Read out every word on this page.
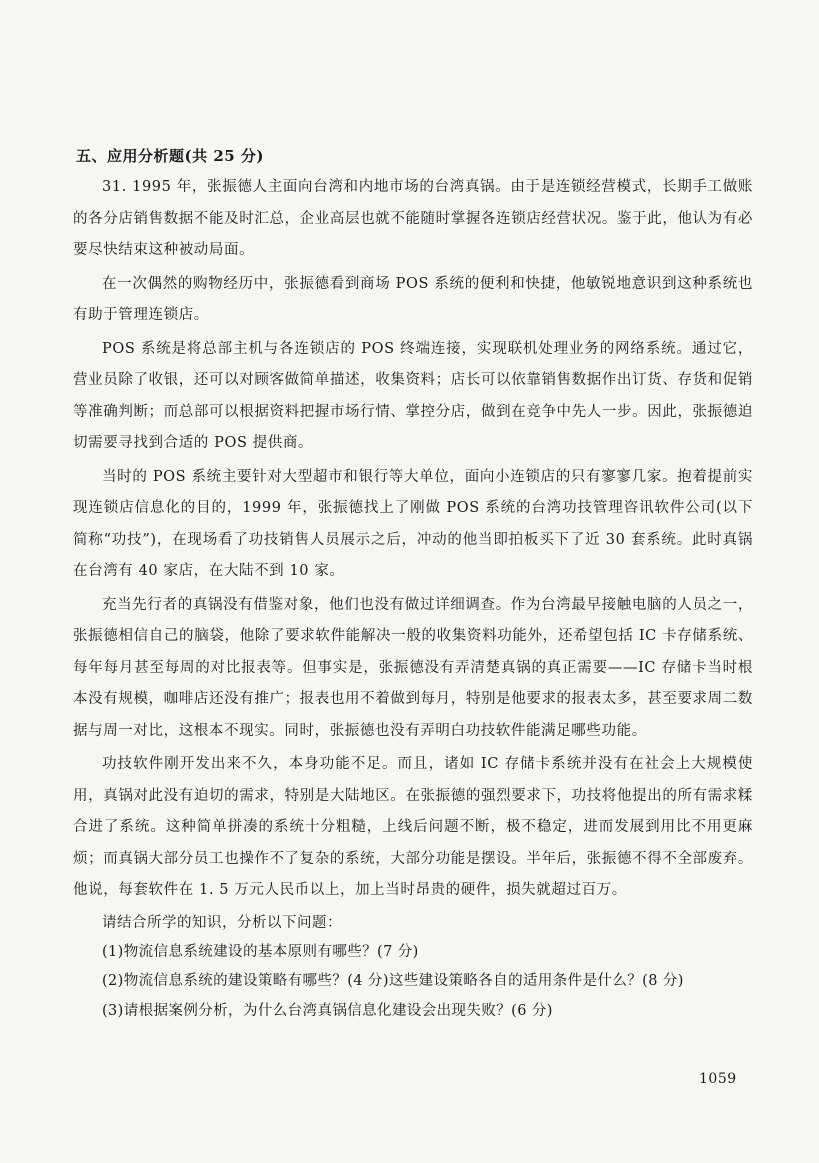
五、应用分析题(共 25 分)

31. 1995 年，张振德人主面向台湾和内地市场的台湾真锅。由于是连锁经营模式，长期手工做账的各分店销售数据不能及时汇总，企业高层也就不能随时掌握各连锁店经营状况。鉴于此，他认为有必要尽快结束这种被动局面。

在一次偶然的购物经历中，张振德看到商场 POS 系统的便利和快捷，他敏锐地意识到这种系统也有助于管理连锁店。

POS 系统是将总部主机与各连锁店的 POS 终端连接，实现联机处理业务的网络系统。通过它，营业员除了收银，还可以对顾客做简单描述，收集资料；店长可以依靠销售数据作出订货、存货和促销等准确判断；而总部可以根据资料把握市场行情、掌控分店，做到在竞争中先人一步。因此，张振德迫切需要寻找到合适的 POS 提供商。

当时的 POS 系统主要针对大型超市和银行等大单位，面向小连锁店的只有寥寥几家。抱着提前实现连锁店信息化的目的，1999 年，张振德找上了刚做 POS 系统的台湾功技管理咨讯软件公司(以下简称“功技”)，在现场看了功技销售人员展示之后，冲动的他当即拍板买下了近 30 套系统。此时真锅在台湾有 40 家店，在大陆不到 10 家。

充当先行者的真锅没有借鉴对象，他们也没有做过详细调查。作为台湾最早接触电脑的人员之一，张振德相信自己的脑袋，他除了要求软件能解决一般的收集资料功能外，还希望包括 IC 卡存储系统、每年每月甚至每周的对比报表等。但事实是，张振德没有弄清楚真锅的真正需要——IC 存储卡当时根本没有规模，咖啡店还没有推广；报表也用不着做到每月，特别是他要求的报表太多，甚至要求周二数据与周一对比，这根本不现实。同时，张振德也没有弄明白功技软件能满足哪些功能。

功技软件刚开发出来不久，本身功能不足。而且，诸如 IC 存储卡系统并没有在社会上大规模使用，真锅对此没有迫切的需求，特别是大陆地区。在张振德的强烈要求下，功技将他提出的所有需求糅合进了系统。这种简单拼凑的系统十分粗糙，上线后问题不断，极不稳定，进而发展到用比不用更麻烦；而真锅大部分员工也操作不了复杂的系统，大部分功能是摆设。半年后，张振德不得不全部废弃。他说，每套软件在 1. 5 万元人民币以上，加上当时昂贵的硬件，损失就超过百万。

请结合所学的知识，分析以下问题：

(1)物流信息系统建设的基本原则有哪些？(7 分)
(2)物流信息系统的建设策略有哪些？(4 分)这些建设策略各自的适用条件是什么？(8 分)
(3)请根据案例分析，为什么台湾真锅信息化建设会出现失败？(6 分)
1059
